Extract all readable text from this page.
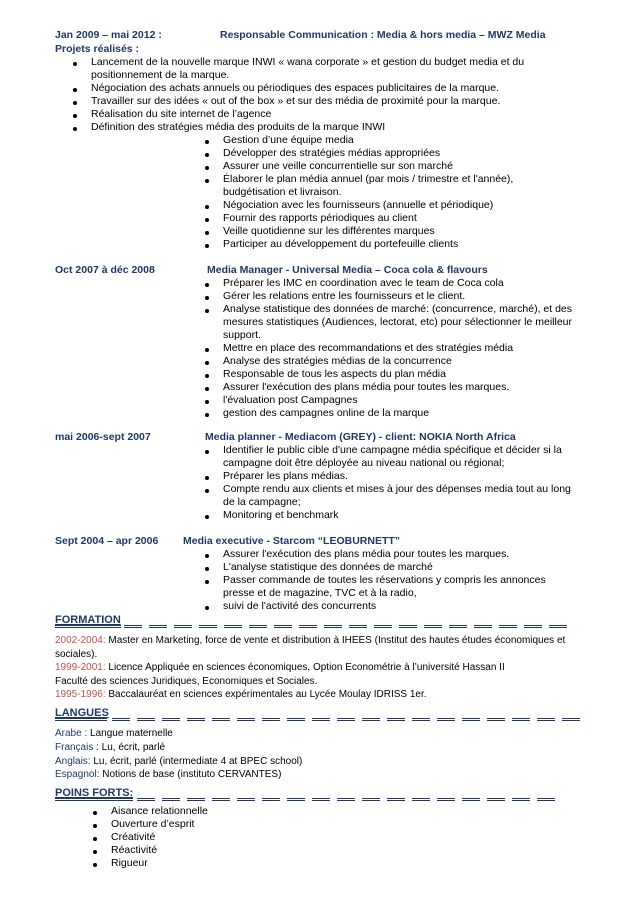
Jan 2009 – mai 2012 :	Responsable Communication : Media & hors media – MWZ Media
Projets réalisés :
Lancement de la nouvelle marque INWI « wana corporate » et gestion du budget media et du
positionnement de la marque.
Négociation des achats annuels ou périodiques des espaces publicitaires de la marque.
Travailler sur des idées « out of the box » et sur des média de proximité pour la marque.
Réalisation du site internet de l’agence
Définition des stratégies média des produits de la marque INWI
Gestion d’une équipe media
Développer des stratégies médias appropriées
Assurer une veille concurrentielle sur son marché
Élaborer le plan média annuel (par mois / trimestre et l'année),
budgétisation et livraison.
Négociation avec les fournisseurs (annuelle et périodique)
Fournir des rapports périodiques au client
Veille quotidienne sur les différentes marques
Participer au développement du portefeuille clients
Oct 2007 à déc 2008	Media Manager - Universal Media – Coca cola & flavours
Préparer les IMC en coordination avec le team de Coca cola
Gérer les relations entre les fournisseurs et le client.
Analyse statistique des données de marché: (concurrence, marché), et des
mesures statistiques (Audiences, lectorat, etc) pour sélectionner le meilleur
support.
Mettre en place des recommandations et des stratégies média
Analyse des stratégies médias de la concurrence
Responsable de tous les aspects du plan média
Assurer l'exécution des plans média pour toutes les marques.
l'évaluation post Campagnes
gestion des campagnes online de la marque
mai 2006-sept 2007	Media planner - Mediacom (GREY) - client: NOKIA North Africa
Identifier le public cible d'une campagne média spécifique et décider si la
campagne doit être déployée au niveau national ou régional;
Préparer les plans médias.
Compte rendu aux clients et mises à jour des dépenses media tout au long
de la campagne;
Monitoring et benchmark
Sept 2004 – apr 2006 Media executive - Starcom “LEOBURNETT”
Assurer l'exécution des plans média pour toutes les marques.
L'analyse statistique des données de marché
Passer commande de toutes les réservations y compris les annonces
presse et de magazine, TVC et à la radio,
suivi de l'activité des concurrents
FORMATION
2002-2004: Master en Marketing, force de vente et distribution à IHEES (Institut des hautes études économiques et
sociales).
1999-2001: Licence Appliquée en sciences économiques, Option Econométrie à l’université Hassan II
Faculté des sciences Juridiques, Economiques et Sociales.
1995-1996: Baccalauréat en sciences expérimentales au Lycée Moulay IDRISS 1er.
LANGUES
Arabe : Langue maternelle
Français : Lu, écrit, parlé
Anglais: Lu, écrit, parlé (intermediate 4 at BPEC school)
Espagnol: Notions de base (instituto CERVANTES)
POINS FORTS:
Aisance relationnelle
Ouverture d’esprit
Créativité
Réactivité
Rigueur
